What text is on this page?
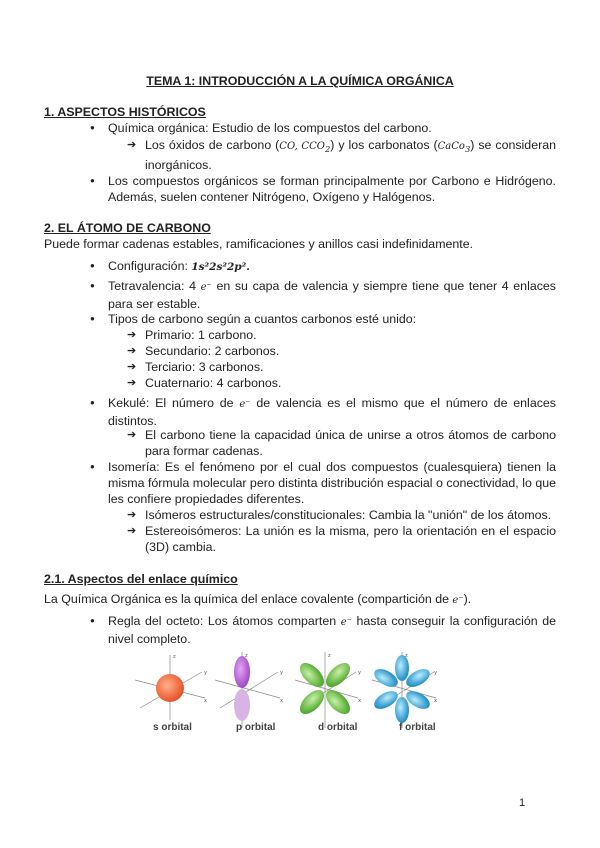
TEMA 1: INTRODUCCIÓN A LA QUÍMICA ORGÁNICA
1. ASPECTOS HISTÓRICOS
● Química orgánica: Estudio de los compuestos del carbono.
➔ Los óxidos de carbono (CO, $CCO_2$) y los carbonatos (CaCo$_3$) se consideran inorgánicos.
● Los compuestos orgánicos se forman principalmente por Carbono e Hidrógeno. Además, suelen contener Nitrógeno, Oxígeno y Halógenos.
2. EL ÁTOMO DE CARBONO
Puede formar cadenas estables, ramificaciones y anillos casi indefinidamente.
● Configuración: 1s²2s²2p².
● Tetravalencia: 4 e⁻ en su capa de valencia y siempre tiene que tener 4 enlaces para ser estable.
● Tipos de carbono según a cuantos carbonos esté unido:
➔ Primario: 1 carbono.
➔ Secundario: 2 carbonos.
➔ Terciario: 3 carbonos.
➔ Cuaternario: 4 carbonos.
● Kekulé: El número de e⁻ de valencia es el mismo que el número de enlaces distintos.
➔ El carbono tiene la capacidad única de unirse a otros átomos de carbono para formar cadenas.
● Isomería: Es el fenómeno por el cual dos compuestos (cualesquiera) tienen la misma fórmula molecular pero distinta distribución espacial o conectividad, lo que les confiere propiedades diferentes.
➔ Isómeros estructurales/constitucionales: Cambia la "unión" de los átomos.
➔ Estereoisómeros: La unión es la misma, pero la orientación en el espacio (3D) cambia.
2.1. Aspectos del enlace químico
La Química Orgánica es la química del enlace covalente (compartición de e⁻).
● Regla del octeto: Los átomos comparten e⁻ hasta conseguir la configuración de nivel completo.
z
y
x
z
y
x
z
y
x
z
y
x
s orbital	p orbital	d orbital	f orbital
1
